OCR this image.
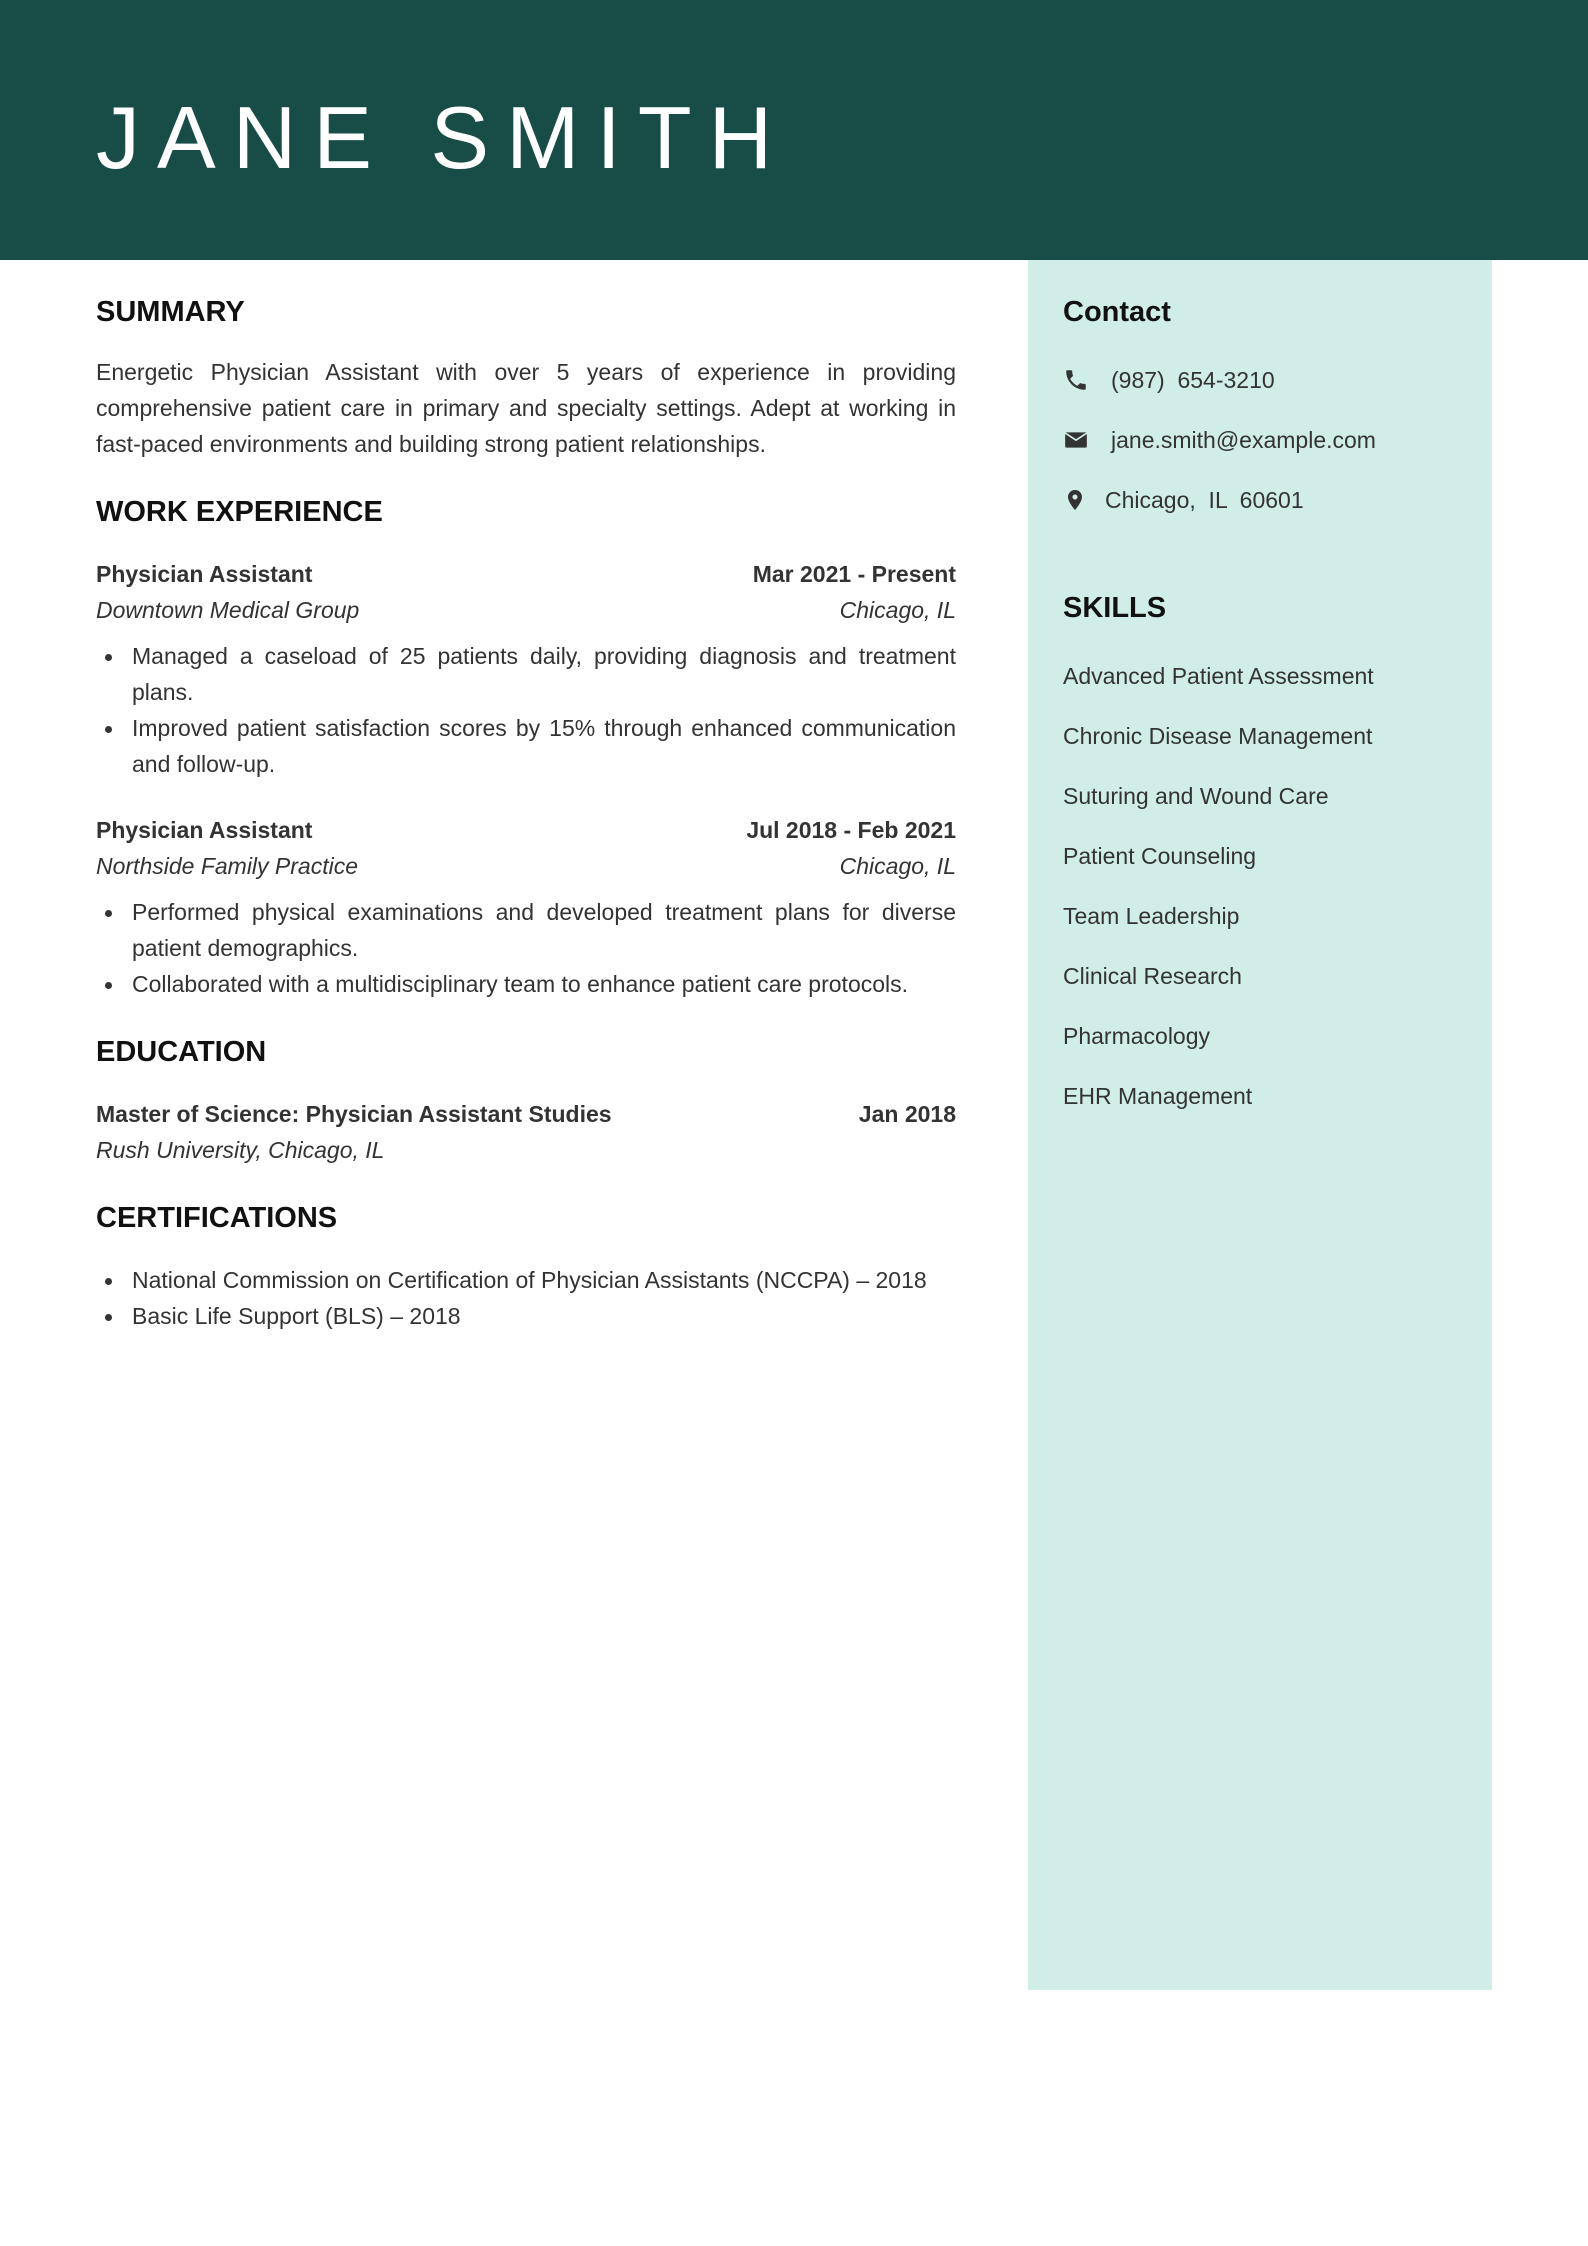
JANE SMITH
SUMMARY

Energetic Physician Assistant with over 5 years of experience in providing comprehensive patient care in primary and specialty settings. Adept at working in fast-paced environments and building strong patient relationships.

WORK EXPERIENCE
Physician Assistant	Mar 2021 - Present
Downtown Medical Group	Chicago, IL
Managed a caseload of 25 patients daily, providing diagnosis and treatment plans.
Improved patient satisfaction scores by 15% through enhanced communication and follow-up.
Physician Assistant	Jul 2018 - Feb 2021
Northside Family Practice	Chicago, IL
Performed physical examinations and developed treatment plans for diverse patient demographics.
Collaborated with a multidisciplinary team to enhance patient care protocols.
EDUCATION
Master of Science: Physician Assistant Studies	Jan 2018
Rush University, Chicago, IL
CERTIFICATIONS
National Commission on Certification of Physician Assistants (NCCPA) – 2018
Basic Life Support (BLS) – 2018
Contact
(987)  654-3210
jane.smith@example.com
Chicago,  IL  60601
SKILLS
Advanced Patient Assessment
Chronic Disease Management
Suturing and Wound Care
Patient Counseling
Team Leadership
Clinical Research
Pharmacology
EHR Management
